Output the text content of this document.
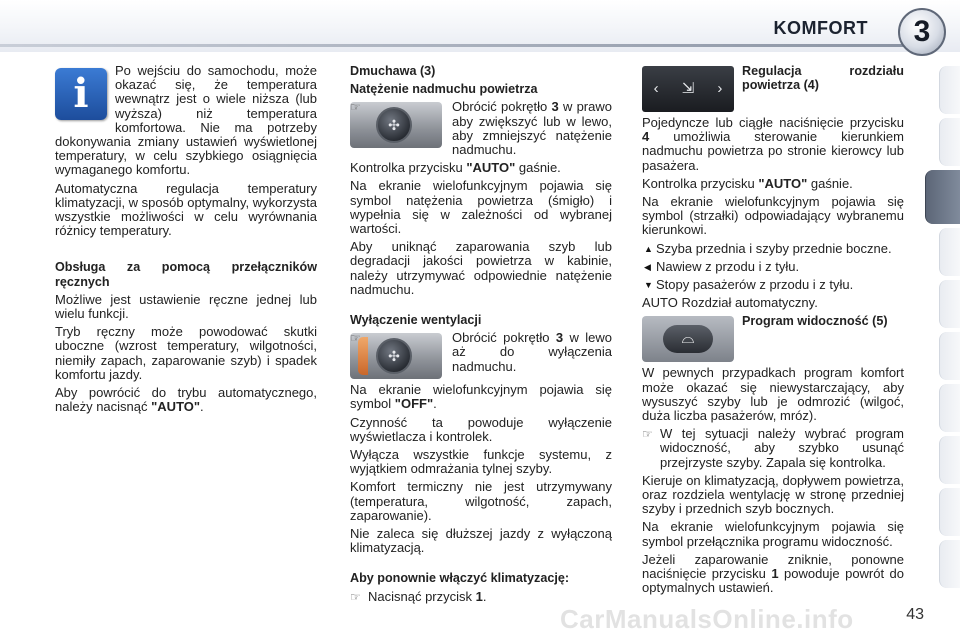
KOMFORT	3
i	Po wejściu do samochodu, może okazać się, że temperatura wewnątrz jest o wiele niższa (lub wyższa) niż temperatura komfortowa. Nie ma potrzeby dokonywania zmiany ustawień wyświetlonej temperatury, w celu szybkiego osiągnięcia wymaganego komfortu.

Automatyczna regulacja temperatury klimatyzacji, w sposób optymalny, wykorzysta wszystkie możliwości w celu wyrównania różnicy temperatury.

Obsługa za pomocą przełączników ręcznych

Możliwe jest ustawienie ręczne jednej lub wielu funkcji.

Tryb ręczny może powodować skutki uboczne (wzrost temperatury, wilgotności, niemiły zapach, zaparowanie szyb) i spadek komfortu jazdy.

Aby powrócić do trybu automatycznego, należy nacisnąć "AUTO".

Dmuchawa (3)

Natężenie nadmuchu powietrza

✣

☞	Obrócić pokrętło 3 w prawo aby zwiększyć lub w lewo, aby zmniejszyć natężenie nadmuchu.

Kontrolka przycisku "AUTO" gaśnie.

Na ekranie wielofunkcyjnym pojawia się symbol natężenia powietrza (śmigło) i wypełnia się w zależności od wybranej wartości.

Aby uniknąć zaparowania szyb lub degradacji jakości powietrza w kabinie, należy utrzymywać odpowiednie natężenie nadmuchu.

Wyłączenie wentylacji

✣

☞	Obrócić pokrętło 3 w lewo aż do wyłączenia nadmuchu.

Na ekranie wielofunkcyjnym pojawia się symbol "OFF".

Czynność ta powoduje wyłączenie wyświetlacza i kontrolek.

Wyłącza wszystkie funkcje systemu, z wyjątkiem odmrażania tylnej szyby.

Komfort termiczny nie jest utrzymywany (temperatura, wilgotność, zapach, zaparowanie).

Nie zaleca się dłuższej jazdy z wyłączoną klimatyzacją.

Aby ponownie włączyć klimatyzację:

☞ Nacisnąć przycisk 1.

‹ ⇲ ›

Regulacja rozdziału powietrza (4)

Pojedyncze lub ciągłe naciśnięcie przycisku 4 umożliwia sterowanie kierunkiem nadmuchu powietrza po stronie kierowcy lub pasażera.

Kontrolka przycisku "AUTO" gaśnie.

Na ekranie wielofunkcyjnym pojawia się symbol (strzałki) odpowiadający wybranemu kierunkowi.

▲ Szyba przednia i szyby przednie boczne.

◀ Nawiew z przodu i z tyłu.

▼ Stopy pasażerów z przodu i z tyłu.

AUTO Rozdział automatyczny.

⌓

Program widoczność (5)

W pewnych przypadkach program komfort może okazać się niewystarczający, aby wysuszyć szyby lub je odmrozić (wilgoć, duża liczba pasażerów, mróz).

☞ W tej sytuacji należy wybrać program widoczność, aby szybko usunąć przejrzyste szyby. Zapala się kontrolka.

Kieruje on klimatyzacją, dopływem powietrza, oraz rozdziela wentylację w stronę przedniej szyby i przednich szyb bocznych.

Na ekranie wielofunkcyjnym pojawia się symbol przełącznika programu widoczność.

Jeżeli zaparowanie zniknie, ponowne naciśnięcie przycisku 1 powoduje powrót do optymalnych ustawień.

CarManualsOnline.info	43
